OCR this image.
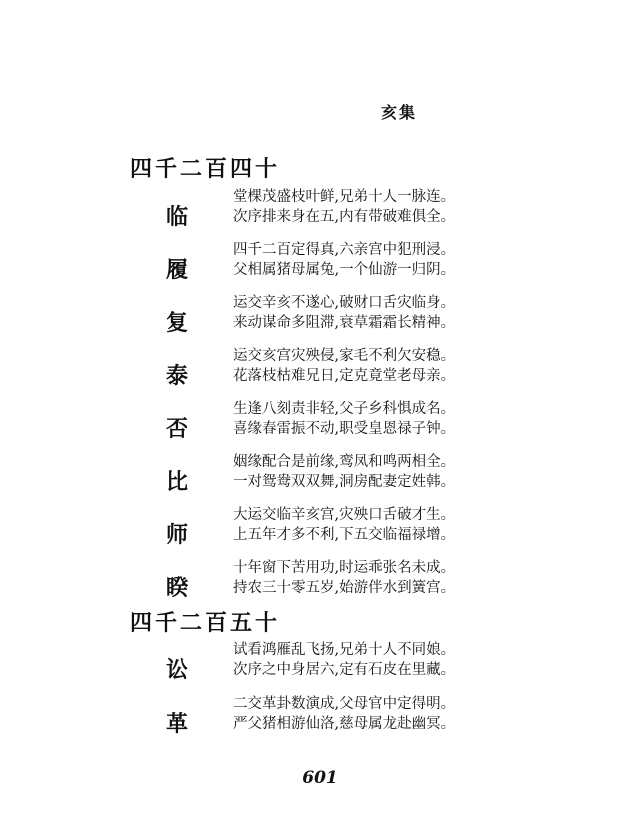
亥集
四千二百四十
临
堂棵茂盛枝叶鲜,兄弟十人一脉连。
次序排来身在五,内有带破难俱全。
履
四千二百定得真,六亲宫中犯刑浸。
父相属猪母属兔,一个仙游一归阴。
复
运交辛亥不遂心,破财口舌灾临身。
来动谋命多阻滞,衰草霜霜长精神。
泰
运交亥宫灾殃侵,家毛不利欠安稳。
花落枝枯难兄日,定克竟堂老母亲。
否
生逢八刻责非轻,父子乡科惧成名。
喜缘春雷振不动,职受皇恩禄子钟。
比
姻缘配合是前缘,鸾凤和鸣两相全。
一对鸳鸯双双舞,洞房配妻定姓韩。
师
大运交临辛亥宫,灾殃口舌破才生。
上五年才多不利,下五交临福禄增。
睽
十年窗下苦用功,时运乖张名未成。
持农三十零五岁,始游伴水到簧宫。
四千二百五十
讼
试看鸿雁乱飞扬,兄弟十人不同娘。
次序之中身居六,定有石皮在里藏。
革
二交革卦数演成,父母官中定得明。
严父猪相游仙洛,慈母属龙赴幽冥。
601
